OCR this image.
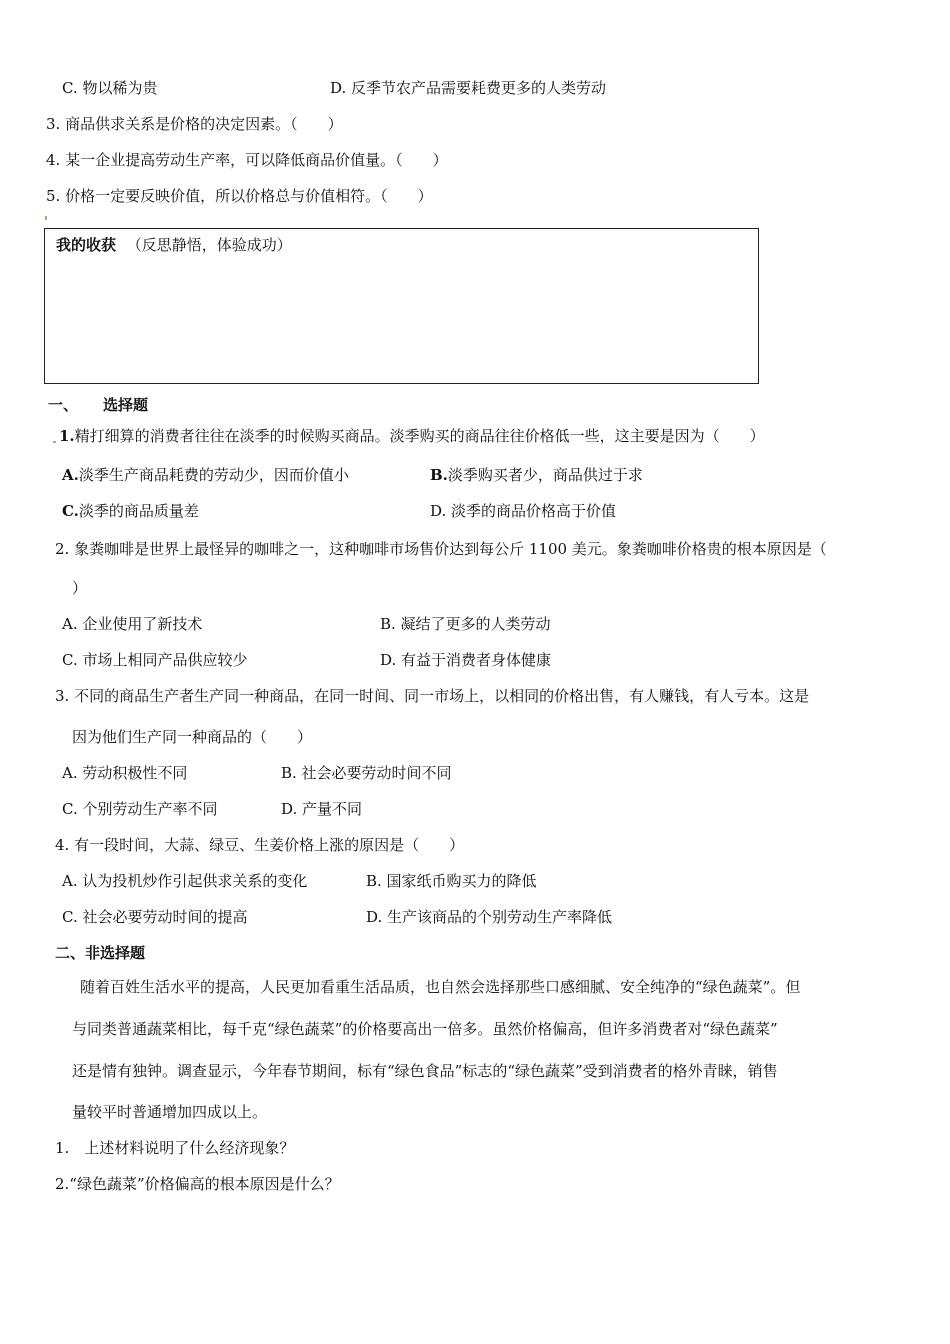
C. 物以稀为贵	D. 反季节农产品需要耗费更多的人类劳动
3. 商品供求关系是价格的决定因素。（　　）
4. 某一企业提高劳动生产率，可以降低商品价值量。（　　）
5. 价格一定要反映价值，所以价格总与价值相符。（　　）
我的收获 （反思静悟，体验成功）
一、 选择题
1.精打细算的消费者往往在淡季的时候购买商品。淡季购买的商品往往价格低一些，这主要是因为（　　）
A.淡季生产商品耗费的劳动少，因而价值小	B.淡季购买者少，商品供过于求
C.淡季的商品质量差	D. 淡季的商品价格高于价值
2. 象粪咖啡是世界上最怪异的咖啡之一，这种咖啡市场售价达到每公斤 1100 美元。象粪咖啡价格贵的根本原因是（
）
A. 企业使用了新技术	B. 凝结了更多的人类劳动
C. 市场上相同产品供应较少	D. 有益于消费者身体健康
3. 不同的商品生产者生产同一种商品，在同一时间、同一市场上，以相同的价格出售，有人赚钱，有人亏本。这是
因为他们生产同一种商品的（　　）
A. 劳动积极性不同	B. 社会必要劳动时间不同
C. 个别劳动生产率不同	D. 产量不同
4. 有一段时间，大蒜、绿豆、生姜价格上涨的原因是（　　）
A. 认为投机炒作引起供求关系的变化	B. 国家纸币购买力的降低
C. 社会必要劳动时间的提高	D. 生产该商品的个别劳动生产率降低
二、非选择题
随着百姓生活水平的提高，人民更加看重生活品质，也自然会选择那些口感细腻、安全纯净的“绿色蔬菜”。但
与同类普通蔬菜相比，每千克“绿色蔬菜”的价格要高出一倍多。虽然价格偏高，但许多消费者对“绿色蔬菜”
还是情有独钟。调查显示，今年春节期间，标有“绿色食品”标志的“绿色蔬菜”受到消费者的格外青睐，销售
量较平时普通增加四成以上。
1.　上述材料说明了什么经济现象？
2.“绿色蔬菜”价格偏高的根本原因是什么？
